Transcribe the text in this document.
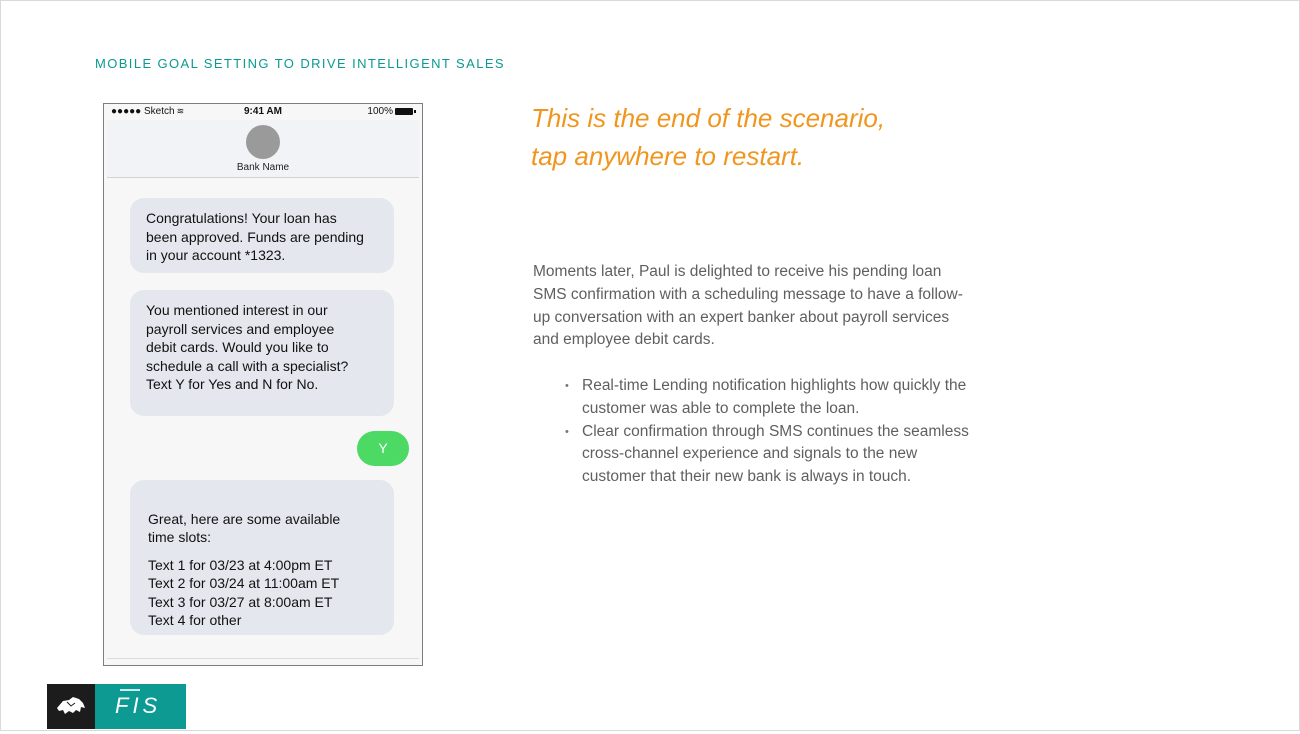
MOBILE GOAL SETTING TO DRIVE INTELLIGENT SALES
●●●●● Sketch ≋	9:41 AM	100%
Bank Name
Congratulations! Your loan has
been approved. Funds are pending
in your account *1323.
You mentioned interest in our
payroll services and employee
debit cards. Would you like to
schedule a call with a specialist?
Text Y for Yes and N for No.
Y

Great, here are some available
time slots:

Text 1 for 03/23 at 4:00pm ET
Text 2 for 03/24 at 11:00am ET
Text 3 for 03/27 at 8:00am ET
Text 4 for other

This is the end of the scenario,
tap anywhere to restart.
Moments later, Paul is delighted to receive his pending loan SMS confirmation with a scheduling message to have a follow-up conversation with an expert banker about payroll services and employee debit cards.
• Real-time Lending notification highlights how quickly the customer was able to complete the loan.
• Clear confirmation through SMS continues the seamless cross-channel experience and signals to the new customer that their new bank is always in touch.
FIS
